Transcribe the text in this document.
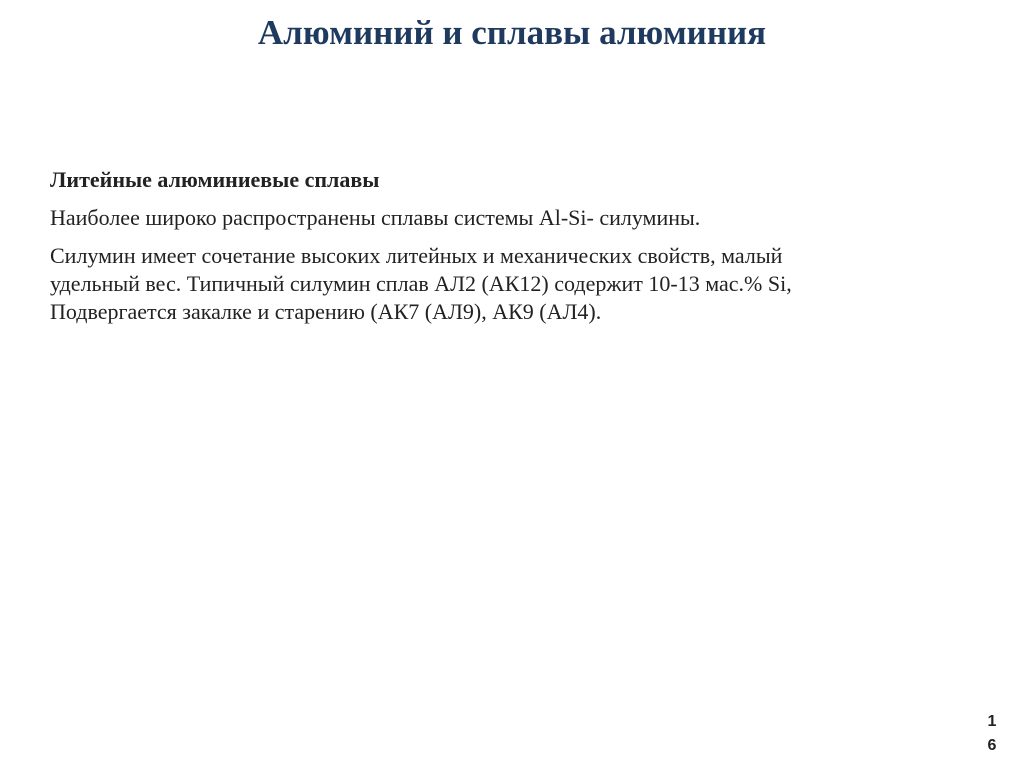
Алюминий и сплавы алюминия

Литейные алюминиевые сплавы

Наиболее широко распространены сплавы системы Al-Si- силумины.

Силумин имеет сочетание высоких литейных и механических свойств, малый
удельный вес. Типичный силумин сплав АЛ2 (АК12) содержит 10-13 мас.% Si,
Подвергается закалке и старению (АК7 (АЛ9), АК9 (АЛ4).

1
6
